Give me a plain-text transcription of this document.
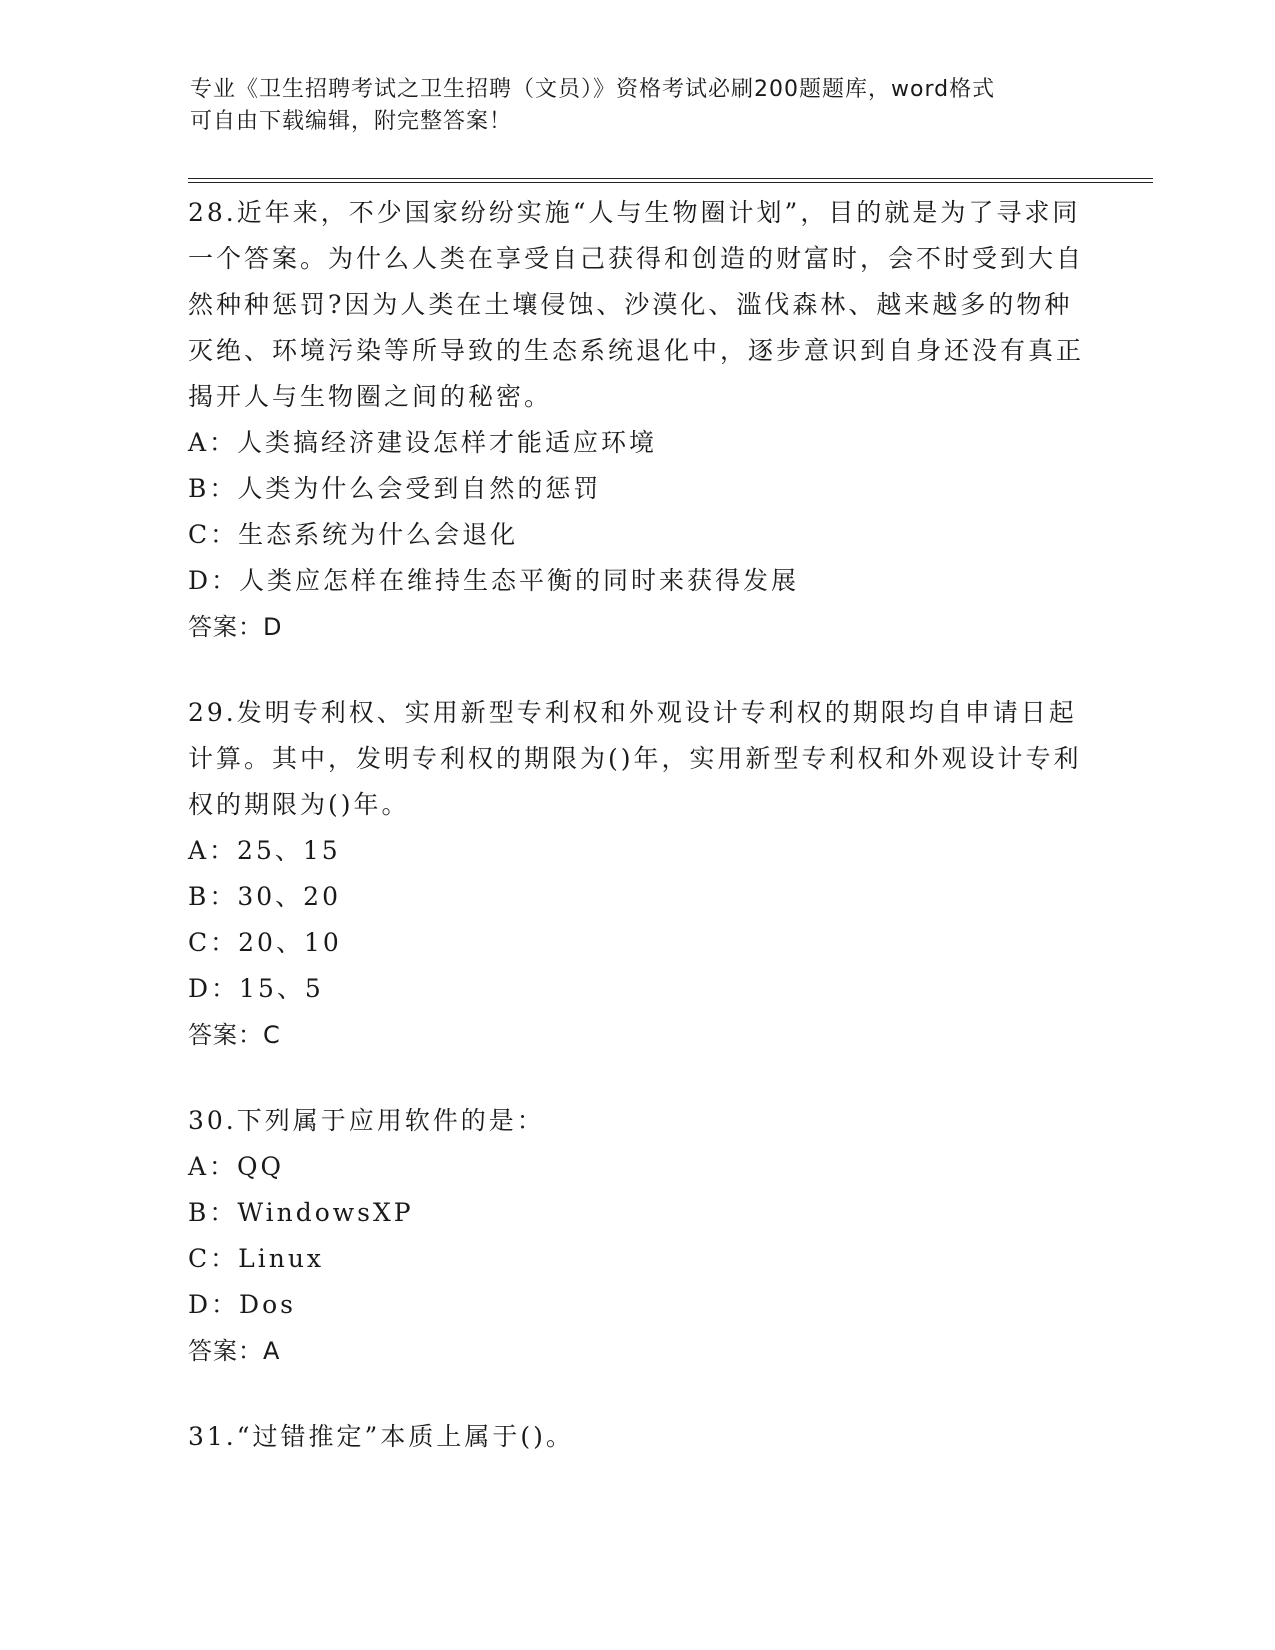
专业《卫生招聘考试之卫生招聘（文员）》资格考试必刷200题题库，word格式
可自由下载编辑，附完整答案！

28.近年来，不少国家纷纷实施“人与生物圈计划”，目的就是为了寻求同一个答案。为什么人类在享受自己获得和创造的财富时，会不时受到大自然种种惩罚?因为人类在土壤侵蚀、沙漠化、滥伐森林、越来越多的物种灭绝、环境污染等所导致的生态系统退化中，逐步意识到自身还没有真正揭开人与生物圈之间的秘密。

A：人类搞经济建设怎样才能适应环境

B：人类为什么会受到自然的惩罚

C：生态系统为什么会退化

D：人类应怎样在维持生态平衡的同时来获得发展

答案：D

29.发明专利权、实用新型专利权和外观设计专利权的期限均自申请日起计算。其中，发明专利权的期限为()年，实用新型专利权和外观设计专利权的期限为()年。

A：25、15

B：30、20

C：20、10

D：15、5

答案：C

30.下列属于应用软件的是：

A：QQ

B：WindowsXP

C：Linux

D：Dos

答案：A

31.“过错推定”本质上属于()。
